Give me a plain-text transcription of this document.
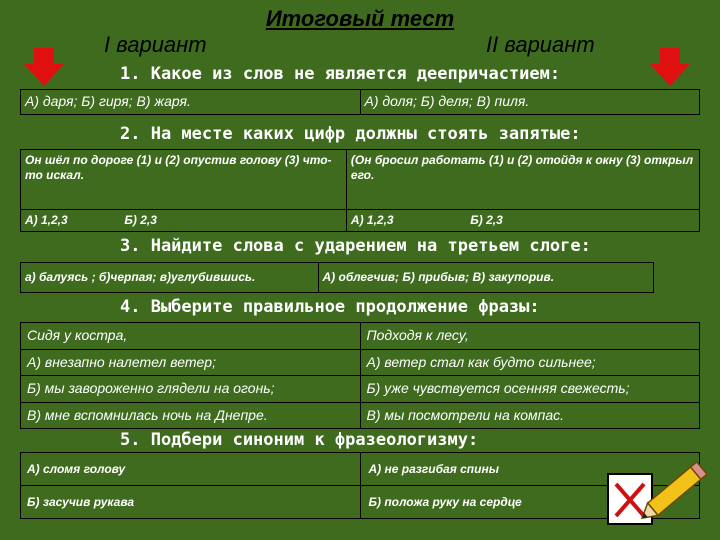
Итоговый тест
I вариант	II вариант
1. Какое из слов не является деепричастием:
А) даря; Б) гиря; В) жаря.	А) доля; Б) деля; В) пиля.
2. На месте каких цифр должны стоять запятые:
Он шёл по дороге (1) и (2) опустив голову (3) что-то искал.	(Он бросил работать (1) и (2) отойдя к окну (3) открыл его.
А) 1,2,3 Б) 2,3	А) 1,2,3 Б) 2,3
3. Найдите слова с ударением на третьем слоге:
а) балуясь ; б)черпая; в)углубившись.	А) облегчив; Б) прибыв; В) закупорив.
4. Выберите правильное продолжение фразы:
Сидя у костра,	Подходя к лесу,
А) внезапно налетел ветер;	А) ветер стал как будто сильнее;
Б) мы завороженно глядели на огонь;	Б) уже чувствуется осенняя свежесть;
В) мне вспомнилась ночь на Днепре.	В) мы посмотрели на компас.
5. Подбери синоним к фразеологизму:
А) сломя голову	А) не разгибая спины
Б) засучив рукава	Б) положа руку на сердце
